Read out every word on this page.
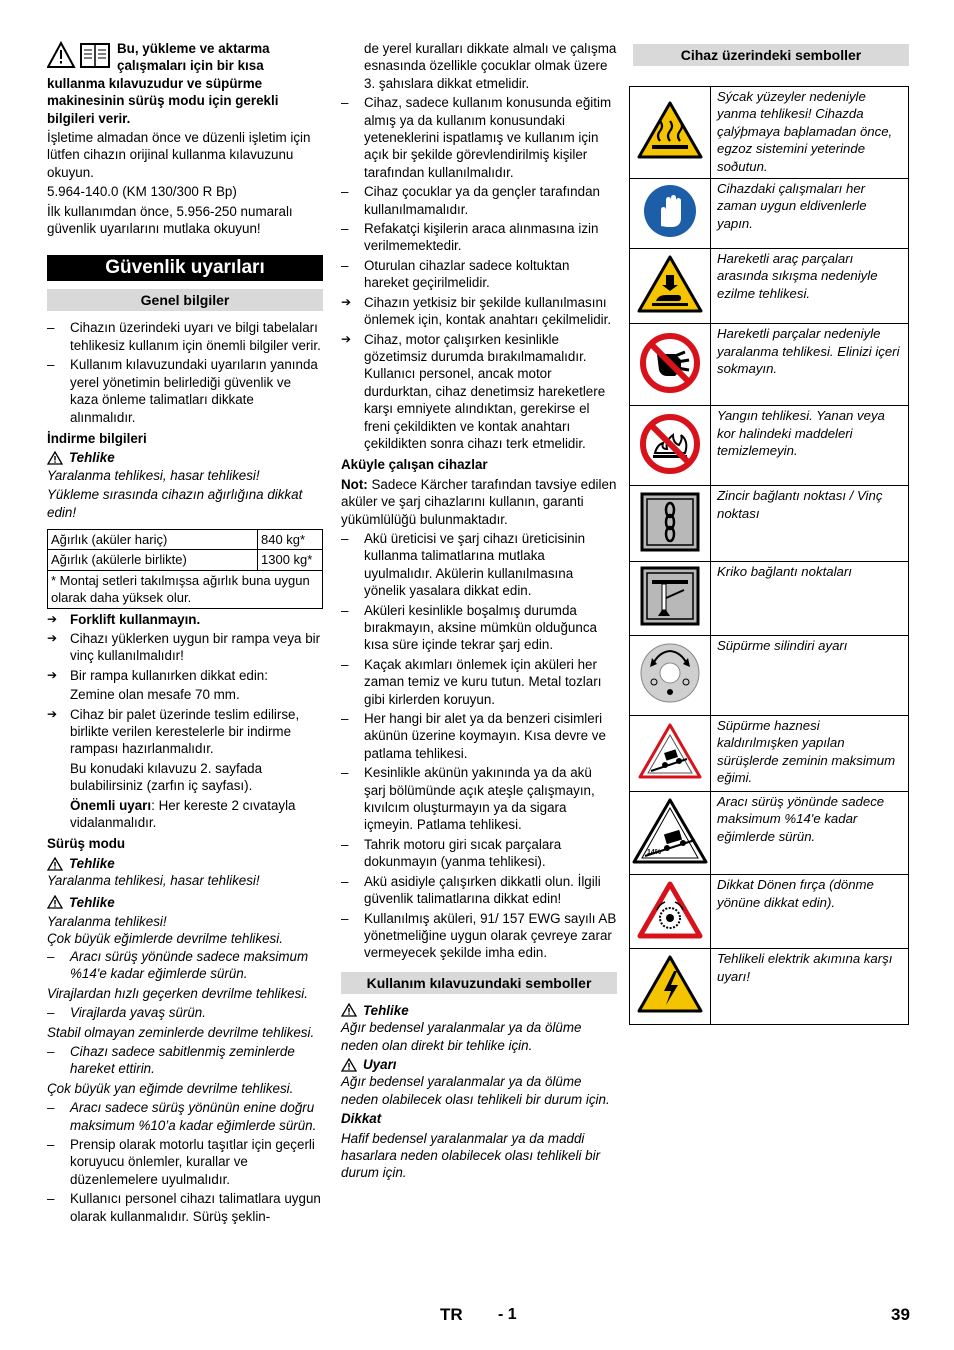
Bu, yükleme ve aktarma çalışmaları için bir kısa kullanma kılavuzudur ve süpürme makinesinin sürüş modu için gerekli bilgileri verir.

İşletime almadan önce ve düzenli işletim için lütfen cihazın orijinal kullanma kılavuzunu okuyun.

5.964-140.0 (KM 130/300 R Bp)

İlk kullanımdan önce, 5.956-250 numaralı güvenlik uyarılarını mutlaka okuyun!

Güvenlik uyarıları
Genel bilgiler
–	Cihazın üzerindeki uyarı ve bilgi tabelaları tehlikesiz kullanım için önemli bilgiler verir.
–	Kullanım kılavuzundaki uyarıların yanında yerel yönetimin belirlediği güvenlik ve kaza önleme talimatları dikkate alınmalıdır.

İndirme bilgileri

Tehlike

Yaralanma tehlikesi, hasar tehlikesi!

Yükleme sırasında cihazın ağırlığına dikkat edin!

Ağırlık (aküler hariç)	840 kg*
Ağırlık (akülerle birlikte)	1300 kg*
* Montaj setleri takılmışsa ağırlık buna uygun olarak daha yüksek olur.	
➔ Forklift kullanmayın.
➔ Cihazı yüklerken uygun bir rampa veya bir vinç kullanılmalıdır!
➔ Bir rampa kullanırken dikkat edin:

Zemine olan mesafe 70 mm.

➔ Cihaz bir palet üzerinde teslim edilirse, birlikte verilen kerestelerle bir indirme rampası hazırlanmalıdır.

Bu konudaki kılavuzu 2. sayfada bulabilirsiniz (zarfın iç sayfası).

Önemli uyarı: Her kereste 2 cıvatayla vidalanmalıdır.

Sürüş modu

Tehlike

Yaralanma tehlikesi, hasar tehlikesi!

Tehlike

Yaralanma tehlikesi!

Çok büyük eğimlerde devrilme tehlikesi.

–	Aracı sürüş yönünde sadece maksimum %14'e kadar eğimlerde sürün.

Virajlardan hızlı geçerken devrilme tehlikesi.

–	Virajlarda yavaş sürün.

Stabil olmayan zeminlerde devrilme tehlikesi.

–	Cihazı sadece sabitlenmiş zeminlerde hareket ettirin.

Çok büyük yan eğimde devrilme tehlikesi.

–	Aracı sadece sürüş yönünün enine doğru maksimum %10’a kadar eğimlerde sürün.
–	Prensip olarak motorlu taşıtlar için geçerli koruyucu önlemler, kurallar ve düzenlemelere uyulmalıdır.
–	Kullanıcı personel cihazı talimatlara uygun olarak kullanmalıdır. Sürüş şeklin-

de yerel kuralları dikkate almalı ve çalışma esnasında özellikle çocuklar olmak üzere 3. şahıslara dikkat etmelidir.

–	Cihaz, sadece kullanım konusunda eğitim almış ya da kullanım konusundaki yeteneklerini ispatlamış ve kullanım için açık bir şekilde görevlendirilmiş kişiler tarafından kullanılmalıdır.
–	Cihaz çocuklar ya da gençler tarafından kullanılmamalıdır.
–	Refakatçi kişilerin araca alınmasına izin verilmemektedir.
–	Oturulan cihazlar sadece koltuktan hareket geçirilmelidir.
➔ Cihazın yetkisiz bir şekilde kullanılmasını önlemek için, kontak anahtarı çekilmelidir.
➔ Cihaz, motor çalışırken kesinlikle gözetimsiz durumda bırakılmamalıdır. Kullanıcı personel, ancak motor durdurktan, cihaz denetimsiz hareketlere karşı emniyete alındıktan, gerekirse el freni çekildikten ve kontak anahtarı çekildikten sonra cihazı terk etmelidir.

Aküyle çalışan cihazlar

Not: Sadece Kärcher tarafından tavsiye edilen aküler ve şarj cihazlarını kullanın, garanti yükümlülüğü bulunmaktadır.

–	Akü üreticisi ve şarj cihazı üreticisinin kullanma talimatlarına mutlaka uyulmalıdır. Akülerin kullanılmasına yönelik yasalara dikkat edin.
–	Aküleri kesinlikle boşalmış durumda bırakmayın, aksine mümkün olduğunca kısa süre içinde tekrar şarj edin.
–	Kaçak akımları önlemek için aküleri her zaman temiz ve kuru tutun. Metal tozları gibi kirlerden koruyun.
–	Her hangi bir alet ya da benzeri cisimleri akünün üzerine koymayın. Kısa devre ve patlama tehlikesi.
–	Kesinlikle akünün yakınında ya da akü şarj bölümünde açık ateşle çalışmayın, kıvılcım oluşturmayın ya da sigara içmeyin. Patlama tehlikesi.
–	Tahrik motoru giri sıcak parçalara dokunmayın (yanma tehlikesi).
–	Akü asidiyle çalışırken dikkatli olun. İlgili güvenlik talimatlarına dikkat edin!
–	Kullanılmış aküleri, 91/ 157 EWG sayılı AB yönetmeliğine uygun olarak çevreye zarar vermeyecek şekilde imha edin.
Kullanım kılavuzundaki semboller
Tehlike

Ağır bedensel yaralanmalar ya da ölüme neden olan direkt bir tehlike için.

Uyarı

Ağır bedensel yaralanmalar ya da ölüme neden olabilecek olası tehlikeli bir durum için.

Dikkat

Hafif bedensel yaralanmalar ya da maddi hasarlara neden olabilecek olası tehlikeli bir durum için.

Cihaz üzerindeki semboller
	Sýcak yüzeyler nedeniyle yanma tehlikesi! Cihazda çalýþmaya baþlamadan önce, egzoz sistemini yeterinde soðutun.
	Cihazdaki çalışmaları her zaman uygun eldivenlerle yapın.
	Hareketli araç parçaları arasında sıkışma nedeniyle ezilme tehlikesi.
	Hareketli parçalar nedeniyle yaralanma tehlikesi. Elinizi içeri sokmayın.
	Yangın tehlikesi. Yanan veya kor halindeki maddeleri temizlemeyin.
	Zincir bağlantı noktası / Vinç noktası
	Kriko bağlantı noktaları
	Süpürme silindiri ayarı
	Süpürme haznesi kaldırılmışken yapılan sürüşlerde zeminin maksimum eğimi.

14%	Aracı sürüş yönünde sadece maksimum %14'e kadar eğimlerde sürün.
	Dikkat Dönen fırça (dönme yönüne dikkat edin).
	Tehlikeli elektrik akımına karşı uyarı!
TR - 1	39
